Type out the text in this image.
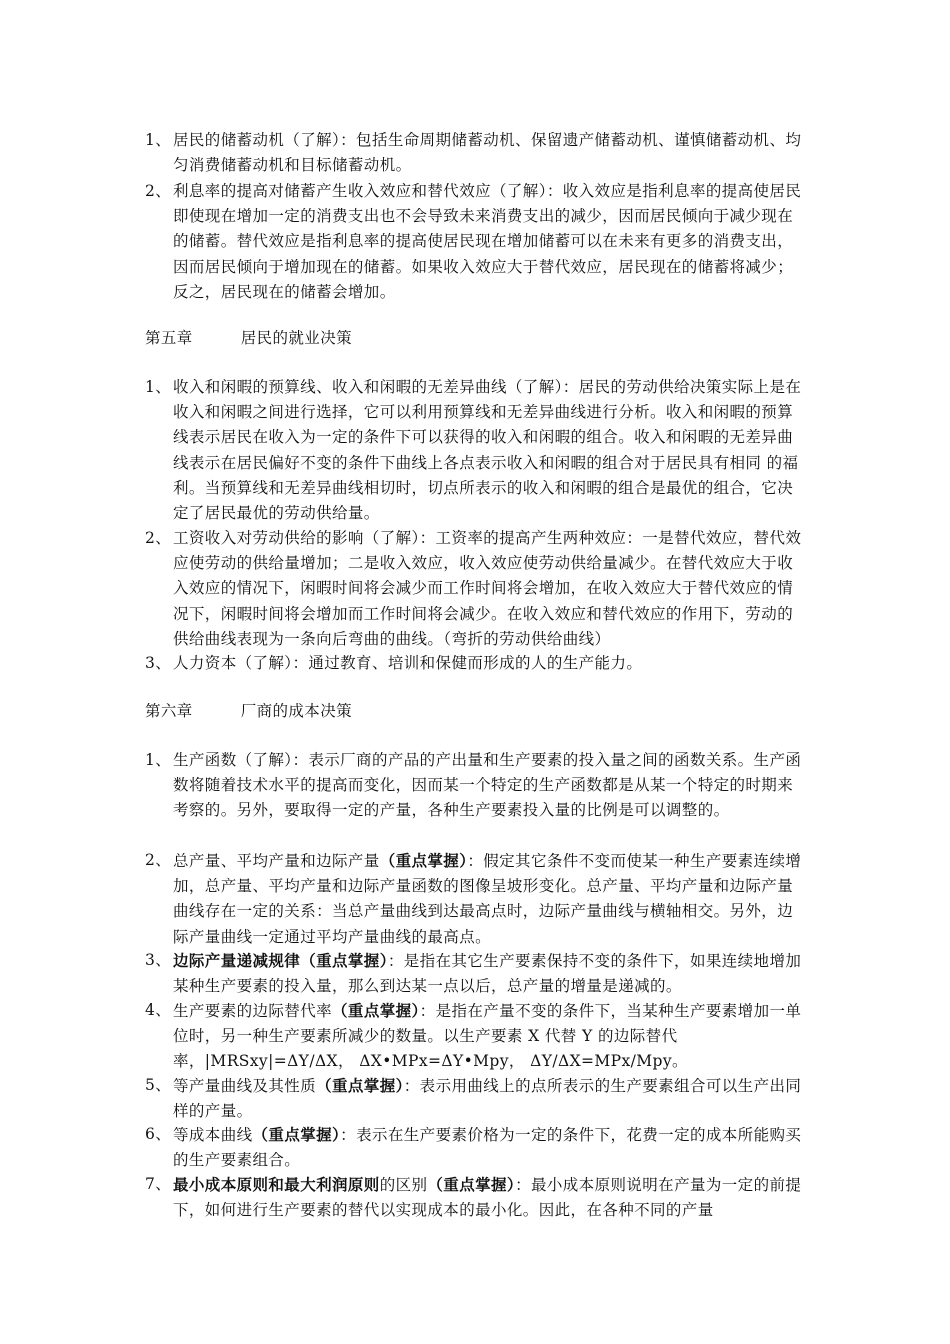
1、 居民的储蓄动机（了解）：包括生命周期储蓄动机、保留遗产储蓄动机、谨慎储蓄动机、均匀消费储蓄动机和目标储蓄动机。
2、 利息率的提高对储蓄产生收入效应和替代效应（了解）：收入效应是指利息率的提高使居民即使现在增加一定的消费支出也不会导致未来消费支出的减少，因而居民倾向于减少现在的储蓄。替代效应是指利息率的提高使居民现在增加储蓄可以在未来有更多的消费支出，因而居民倾向于增加现在的储蓄。如果收入效应大于替代效应，居民现在的储蓄将减少；反之，居民现在的储蓄会增加。
第五章	居民的就业决策
1、 收入和闲暇的预算线、收入和闲暇的无差异曲线（了解）：居民的劳动供给决策实际上是在收入和闲暇之间进行选择，它可以利用预算线和无差异曲线进行分析。收入和闲暇的预算线表示居民在收入为一定的条件下可以获得的收入和闲暇的组合。收入和闲暇的无差异曲线表示在居民偏好不变的条件下曲线上各点表示收入和闲暇的组合对于居民具有相同 的福利。当预算线和无差异曲线相切时，切点所表示的收入和闲暇的组合是最优的组合，它决定了居民最优的劳动供给量。
2、 工资收入对劳动供给的影响（了解）：工资率的提高产生两种效应：一是替代效应，替代效应使劳动的供给量增加；二是收入效应，收入效应使劳动供给量减少。在替代效应大于收入效应的情况下，闲暇时间将会减少而工作时间将会增加，在收入效应大于替代效应的情况下，闲暇时间将会增加而工作时间将会减少。在收入效应和替代效应的作用下，劳动的供给曲线表现为一条向后弯曲的曲线。（弯折的劳动供给曲线）
3、 人力资本（了解）：通过教育、培训和保健而形成的人的生产能力。
第六章	厂商的成本决策
1、 生产函数（了解）：表示厂商的产品的产出量和生产要素的投入量之间的函数关系。生产函数将随着技术水平的提高而变化，因而某一个特定的生产函数都是从某一个特定的时期来考察的。另外，要取得一定的产量，各种生产要素投入量的比例是可以调整的。
2、 总产量、平均产量和边际产量（重点掌握）：假定其它条件不变而使某一种生产要素连续增加，总产量、平均产量和边际产量函数的图像呈坡形变化。总产量、平均产量和边际产量曲线存在一定的关系：当总产量曲线到达最高点时，边际产量曲线与横轴相交。另外，边际产量曲线一定通过平均产量曲线的最高点。
3、 边际产量递减规律（重点掌握）：是指在其它生产要素保持不变的条件下，如果连续地增加某种生产要素的投入量，那么到达某一点以后，总产量的增量是递减的。
4、 生产要素的边际替代率（重点掌握）：是指在产量不变的条件下，当某种生产要素增加一单位时，另一种生产要素所减少的数量。以生产要素 X 代替 Y 的边际替代率，|MRSxy|=ΔY/ΔX， ΔX•MPx=ΔY•Mpy， ΔY/ΔX=MPx/Mpy。
5、 等产量曲线及其性质（重点掌握）：表示用曲线上的点所表示的生产要素组合可以生产出同样的产量。
6、 等成本曲线（重点掌握）：表示在生产要素价格为一定的条件下，花费一定的成本所能购买的生产要素组合。
7、 最小成本原则和最大利润原则的区别（重点掌握）：最小成本原则说明在产量为一定的前提下，如何进行生产要素的替代以实现成本的最小化。因此，在各种不同的产量
